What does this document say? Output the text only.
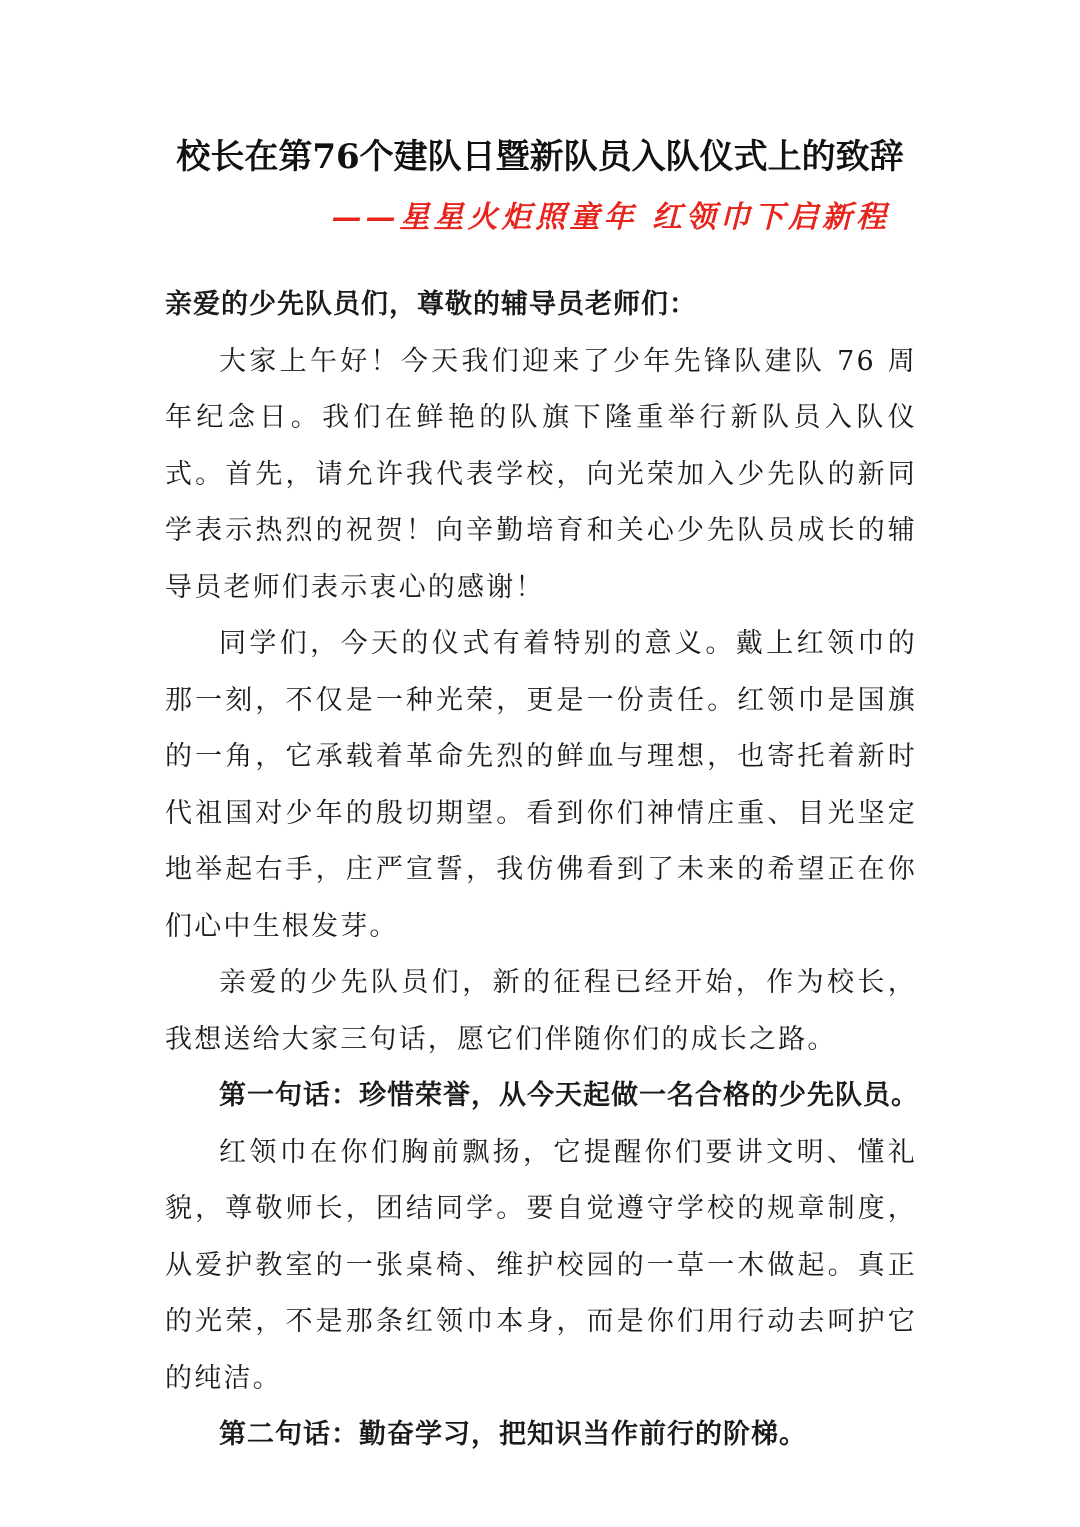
校长在第76个建队日暨新队员入队仪式上的致辞
——星星火炬照童年 红领巾下启新程

亲爱的少先队员们，尊敬的辅导员老师们：

大家上午好！今天我们迎来了少年先锋队建队 76 周年纪念日。我们在鲜艳的队旗下隆重举行新队员入队仪式。首先，请允许我代表学校，向光荣加入少先队的新同学表示热烈的祝贺！向辛勤培育和关心少先队员成长的辅导员老师们表示衷心的感谢！

同学们，今天的仪式有着特别的意义。戴上红领巾的那一刻，不仅是一种光荣，更是一份责任。红领巾是国旗的一角，它承载着革命先烈的鲜血与理想，也寄托着新时代祖国对少年的殷切期望。看到你们神情庄重、目光坚定地举起右手，庄严宣誓，我仿佛看到了未来的希望正在你们心中生根发芽。

亲爱的少先队员们，新的征程已经开始，作为校长，我想送给大家三句话，愿它们伴随你们的成长之路。

第一句话：珍惜荣誉，从今天起做一名合格的少先队员。

红领巾在你们胸前飘扬，它提醒你们要讲文明、懂礼貌，尊敬师长，团结同学。要自觉遵守学校的规章制度，从爱护教室的一张桌椅、维护校园的一草一木做起。真正的光荣，不是那条红领巾本身，而是你们用行动去呵护它的纯洁。

第二句话：勤奋学习，把知识当作前行的阶梯。
